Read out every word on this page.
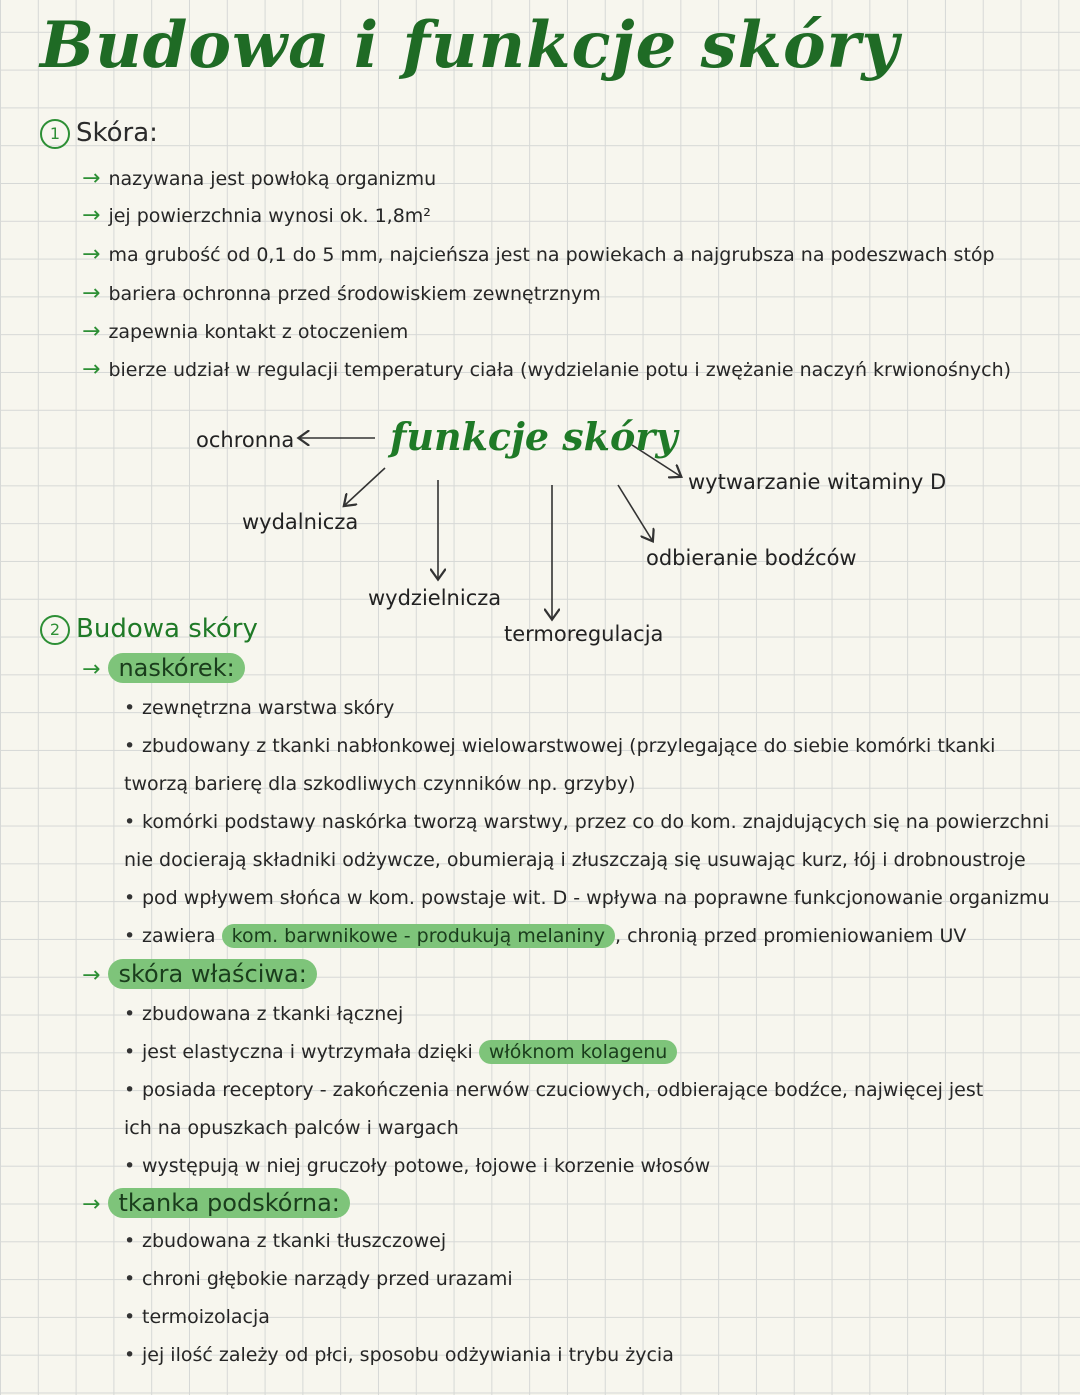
Budowa i funkcje skóry
1 Skóra:
→ nazywana jest powłoką organizmu
→ jej powierzchnia wynosi ok. 1,8m²
→ ma grubość od 0,1 do 5 mm, najcieńsza jest na powiekach a najgrubsza na podeszwach stóp
→ bariera ochronna przed środowiskiem zewnętrznym
→ zapewnia kontakt z otoczeniem
→ bierze udział w regulacji temperatury ciała (wydzielanie potu i zwężanie naczyń krwionośnych)
funkcje skóry
ochronna
wydalnicza
wydzielnicza
termoregulacja
odbieranie bodźców
wytwarzanie witaminy D
2 Budowa skóry
→ naskórek:
• zewnętrzna warstwa skóry
• zbudowany z tkanki nabłonkowej wielowarstwowej (przylegające do siebie komórki tkanki
tworzą barierę dla szkodliwych czynników np. grzyby)
• komórki podstawy naskórka tworzą warstwy, przez co do kom. znajdujących się na powierzchni
nie docierają składniki odżywcze, obumierają i złuszczają się usuwając kurz, łój i drobnoustroje
• pod wpływem słońca w kom. powstaje wit. D - wpływa na poprawne funkcjonowanie organizmu
• zawiera kom. barwnikowe - produkują melaniny , chronią przed promieniowaniem UV
→ skóra właściwa:
• zbudowana z tkanki łącznej
• jest elastyczna i wytrzymała dzięki włóknom kolagenu
• posiada receptory - zakończenia nerwów czuciowych, odbierające bodźce, najwięcej jest
ich na opuszkach palców i wargach
• występują w niej gruczoły potowe, łojowe i korzenie włosów
→ tkanka podskórna:
• zbudowana z tkanki tłuszczowej
• chroni głębokie narządy przed urazami
• termoizolacja
• jej ilość zależy od płci, sposobu odżywiania i trybu życia
